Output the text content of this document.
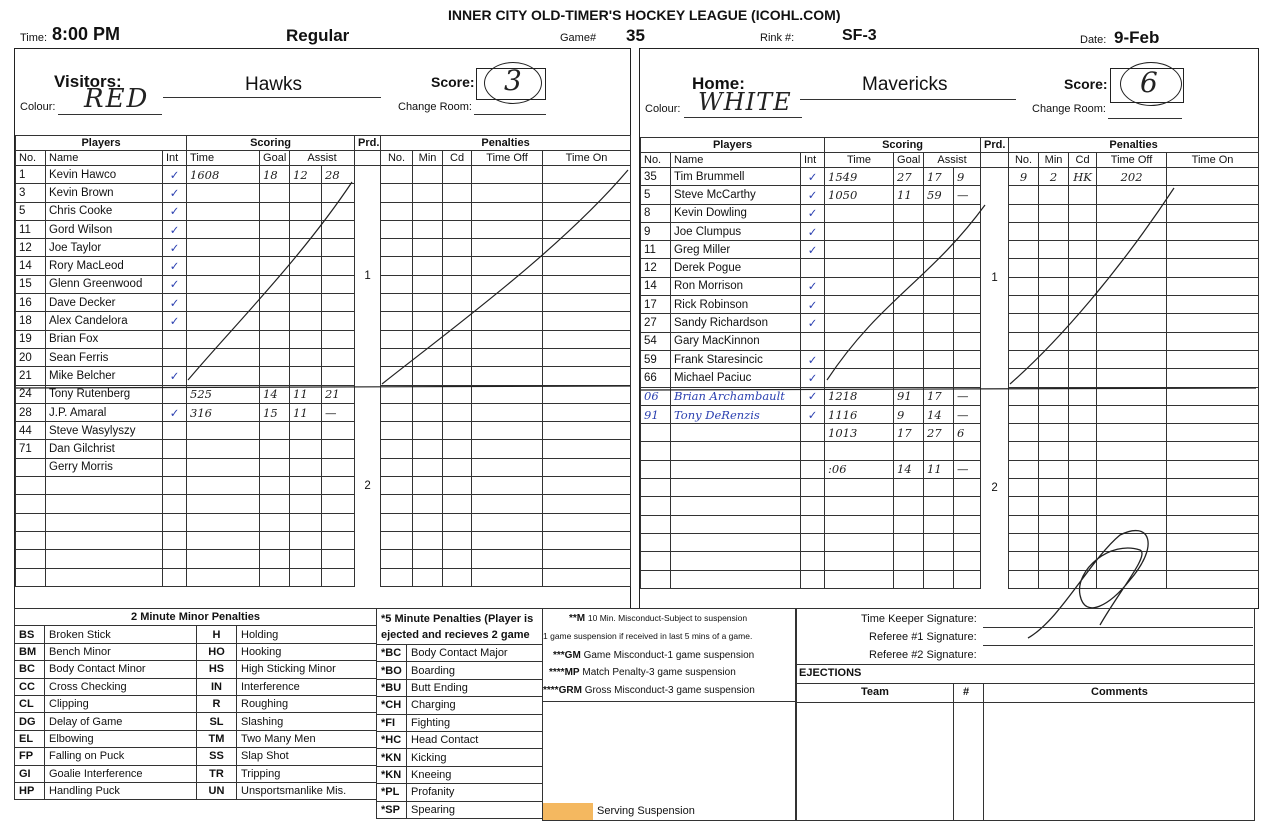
INNER CITY OLD-TIMER'S HOCKEY LEAGUE (ICOHL.COM)
Time: 8:00 PM	Regular	Game# 35	Rink #:	SF-3	Date: 9-Feb
Visitors:
Colour: RED	Hawks	Score: 3
Change Room:
Players			Scoring				Prd.	Penalties				
No.	Name	Int	Time	Goal	Assist			No.	Min	Cd	Time Off	Time On
1	Kevin Hawco	✓	1608	18	12	28	1					
3	Kevin Brown	✓										
5	Chris Cooke	✓										
11	Gord Wilson	✓										
12	Joe Taylor	✓										
14	Rory MacLeod	✓										
15	Glenn Greenwood	✓										
16	Dave Decker	✓										
18	Alex Candelora	✓										
19	Brian Fox											
20	Sean Ferris											
21	Mike Belcher	✓										
24	Tony Rutenberg		525	14	11	21	2					
28	J.P. Amaral	✓	316	15	11	—						
44	Steve Wasylyszy											
71	Dan Gilchrist											
	Gerry Morris											

Home:
Colour: WHITE
Mavericks	Score: 6
Change Room:
Players			Scoring				Prd.	Penalties				
No.	Name	Int	Time	Goal	Assist			No.	Min	Cd	Time Off	Time On
35	Tim Brummell	✓	1549	27	17	9	1	9	2	HK	202	
5	Steve McCarthy	✓	1050	11	59	—						
8	Kevin Dowling	✓										
9	Joe Clumpus	✓										
11	Greg Miller	✓										
12	Derek Pogue											
14	Ron Morrison	✓										
17	Rick Robinson	✓										
27	Sandy Richardson	✓										
54	Gary MacKinnon											
59	Frank Staresincic	✓										
66	Michael Paciuc	✓										
06	Brian Archambault	✓	1218	91	17	—	2					
91	Tony DeRenzis	✓	1116	9	14	—						
			1013	17	27	6						

			:06	14	11	—						

2 Minute Minor Penalties			
BS	Broken Stick	H	Holding
BM	Bench Minor	HO	Hooking
BC	Body Contact Minor	HS	High Sticking Minor
CC	Cross Checking	IN	Interference
CL	Clipping	R	Roughing
DG	Delay of Game	SL	Slashing
EL	Elbowing	TM	Two Many Men
FP	Falling on Puck	SS	Slap Shot
GI	Goalie Interference	TR	Tripping
HP	Handling Puck	UN	Unsportsmanlike Mis.
*5 Minute Penalties (Player is ejected and recieves 2 game	
*BC	Body Contact Major
*BO	Boarding
*BU	Butt Ending
*CH	Charging
*FI	Fighting
*HC	Head Contact
*KN	Kicking
*KN	Kneeing
*PL	Profanity
*SP	Spearing
**M 10 Min. Misconduct-Subject to suspension
1 game suspension if received in last 5 mins of a game.
***GM Game Misconduct-1 game suspension
****MP Match Penalty-3 game suspension
****GRM Gross Misconduct-3 game suspension
Serving Suspension
Time Keeper Signature:
Referee #1 Signature:
Referee #2 Signature:
EJECTIONS
Team	#	Comments
